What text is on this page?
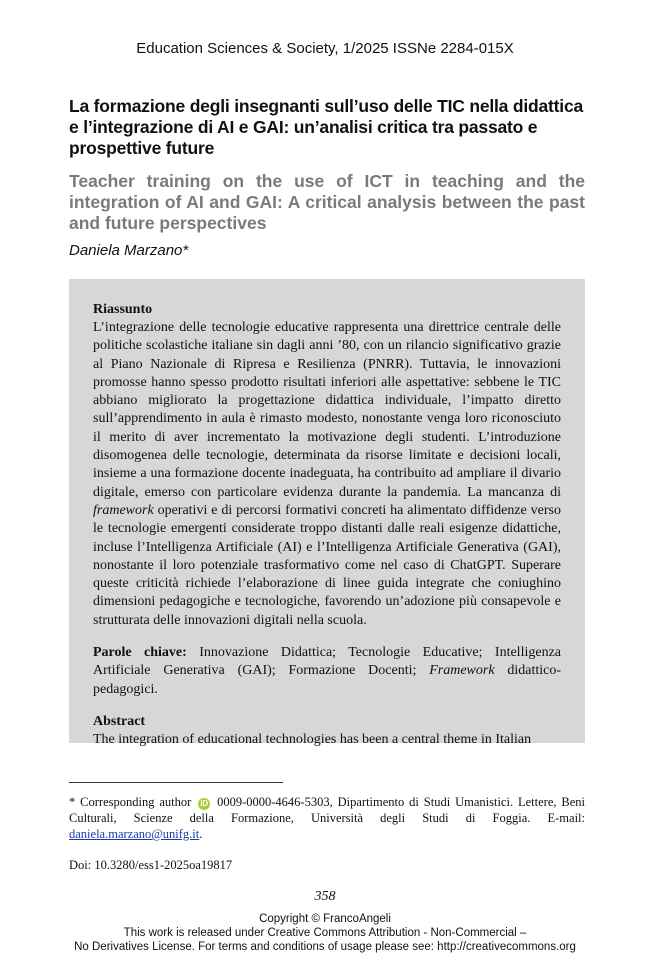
Education Sciences & Society, 1/2025 ISSNe 2284-015X
La formazione degli insegnanti sull’uso delle TIC nella didattica e l’integrazione di AI e GAI: un’analisi critica tra passato e prospettive future
Teacher training on the use of ICT in teaching and the integration of AI and GAI: A critical analysis between the past and future perspectives
Daniela Marzano*
Riassunto
L’integrazione delle tecnologie educative rappresenta una direttrice centrale delle politiche scolastiche italiane sin dagli anni ’80, con un rilancio significativo grazie al Piano Nazionale di Ripresa e Resilienza (PNRR). Tuttavia, le innovazioni promosse hanno spesso prodotto risultati inferiori alle aspettative: sebbene le TIC abbiano migliorato la progettazione didattica individuale, l’impatto diretto sull’apprendimento in aula è rimasto modesto, nonostante venga loro riconosciuto il merito di aver incrementato la motivazione degli studenti. L’introduzione disomogenea delle tecnologie, determinata da risorse limitate e decisioni locali, insieme a una formazione docente inadeguata, ha contribuito ad ampliare il divario digitale, emerso con particolare evidenza durante la pandemia. La mancanza di framework operativi e di percorsi formativi concreti ha alimentato diffidenze verso le tecnologie emergenti considerate troppo distanti dalle reali esigenze didattiche, incluse l’Intelligenza Artificiale (AI) e l’Intelligenza Artificiale Generativa (GAI), nonostante il loro potenziale trasformativo come nel caso di ChatGPT. Superare queste criticità richiede l’elaborazione di linee guida integrate che coniughino dimensioni pedagogiche e tecnologiche, favorendo un’adozione più consapevole e strutturata delle innovazioni digitali nella scuola.
Parole chiave: Innovazione Didattica; Tecnologie Educative; Intelligenza Artificiale Generativa (GAI); Formazione Docenti; Framework didattico-pedagogici.
Abstract
The integration of educational technologies has been a central theme in Italian
* Corresponding author iD 0009-0000-4646-5303, Dipartimento di Studi Umanistici. Lettere, Beni Culturali, Scienze della Formazione, Università degli Studi di Foggia. E-mail: daniela.marzano@unifg.it.
Doi: 10.3280/ess1-2025oa19817
358
Copyright © FrancoAngeli
This work is released under Creative Commons Attribution - Non-Commercial –
No Derivatives License. For terms and conditions of usage please see: http://creativecommons.org
